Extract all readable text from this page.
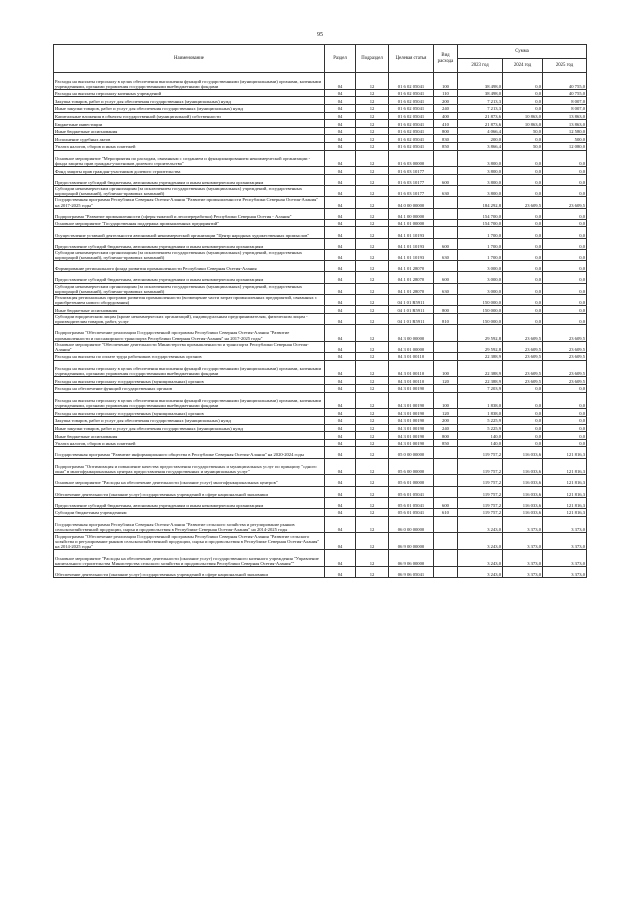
95
Наименование	Раздел	Подраздел	Целевая статья	Вид расхода	Сумма		
					2023 год	2024 год	2025 год
Расходы на выплаты персоналу в целях обеспечения выполнения функций государственными (муниципальными) органами, казенными учреждениями, органами управления государственными внебюджетными фондами	04	12	01 6 02 05041	100	38 498,0	0,0	40 755,0
Расходы на выплаты персоналу казенных учреждений	04	12	01 6 02 05041	110	38 498,0	0,0	40 755,0
Закупка товаров, работ и услуг для обеспечения государственных (муниципальных) нужд	04	12	01 6 02 05041	200	7 213,3	0,0	8 007,0
Иные закупки товаров, работ и услуг для обеспечения государственных (муниципальных) нужд	04	12	01 6 02 05041	240	7 213,3	0,0	8 007,0
Капитальные вложения в объекты государственной (муниципальной) собственности	04	12	01 6 02 05041	400	21 873,6	10 863,0	13 863,0
Бюджетные инвестиции	04	12	01 6 02 05041	410	21 873,6	10 863,0	13 863,0
Иные бюджетные ассигнования	04	12	01 6 02 05041	800	4 066,4	50,0	12 580,0
Исполнение судебных актов	04	12	01 6 02 05041	830	200,0	0,0	500,0
Уплата налогов, сборов и иных платежей	04	12	01 6 02 05041	850	3 866,4	50,0	12 080,0
Основное мероприятие "Мероприятия по расходам, связанным с созданием и функционированием некоммерческой организации - фонда защиты прав граждан-участников долевого строительства"	04	12	01 6 03 00000		3 800,0	0,0	0,0
Фонд защиты прав граждан-участников долевого строительства	04	12	01 6 03 10177		3 800,0	0,0	0,0
Предоставление субсидий бюджетным, автономным учреждениям и иным некоммерческим организациям	04	12	01 6 03 10177	600	3 800,0	0,0	0,0
Субсидии некоммерческим организациям (за исключением государственных (муниципальных) учреждений, государственных корпораций (компаний), публично-правовых компаний)	04	12	01 6 03 10177	630	3 800,0	0,0	0,0
Государственная программа Республики Северная Осетия-Алания "Развитие промышленности Республики Северная Осетия-Алания" на 2017-2025 годы"	04	12	04 0 00 00000		184 292,8	23 609,5	23 609,5
Подпрограмма "Развитие промышленности (сферы тяжелой и лесопереработки) Республики Северная Осетия - Алания"	04	12	04 1 00 00000		154 700,0	0,0	0,0
Основное мероприятие "Государственная поддержка промышленных предприятий"	04	12	04 1 01 00000		154 700,0	0,0	0,0
Осуществление уставной деятельности автономной некоммерческой организации "Центр народных художественных промыслов"	04	12	04 1 01 10193		1 700,0	0,0	0,0
Предоставление субсидий бюджетным, автономным учреждениям и иным некоммерческим организациям	04	12	04 1 01 10193	600	1 700,0	0,0	0,0
Субсидии некоммерческим организациям (за исключением государственных (муниципальных) учреждений, государственных корпораций (компаний), публично-правовых компаний)	04	12	04 1 01 10193	630	1 700,0	0,0	0,0
Формирование регионального фонда развития промышленности Республики Северная Осетия-Алания	04	12	04 1 01 28070		3 000,0	0,0	0,0
Предоставление субсидий бюджетным, автономным учреждениям и иным некоммерческим организациям	04	12	04 1 01 28070	600	3 000,0	0,0	0,0
Субсидии некоммерческим организациям (за исключением государственных (муниципальных) учреждений, государственных корпораций (компаний), публично-правовых компаний)	04	12	04 1 01 28070	630	3 000,0	0,0	0,0
Реализация региональных программ развития промышленности (возмещение части затрат промышленных предприятий, связанных с приобретением нового оборудования)	04	12	04 1 01 R5911		150 000,0	0,0	0,0
Иные бюджетные ассигнования	04	12	04 1 01 R5911	800	150 000,0	0,0	0,0
Субсидии юридическим лицам (кроме некоммерческих организаций), индивидуальным предпринимателям, физическим лицам - производителям товаров, работ, услуг	04	12	04 1 01 R5911	810	150 000,0	0,0	0,0
Подпрограмма "Обеспечение реализации Государственной программы Республики Северная Осетия-Алания "Развитие промышленности и пассажирского транспорта Республики Северная Осетия-Алания" на 2017-2025 годы"	04	12	04 3 00 00000		29 592,8	23 609,5	23 609,5
Основное мероприятие "Обеспечение деятельности Министерства промышленности и транспорта Республики Северная Осетия-Алания"	04	12	04 3 01 00000		29 592,8	23 609,5	23 609,5
Расходы на выплаты по оплате труда работников государственных органов	04	12	04 3 01 00110		22 388,9	23 609,5	23 609,5
Расходы на выплаты персоналу в целях обеспечения выполнения функций государственными (муниципальными) органами, казенными учреждениями, органами управления государственными внебюджетными фондами	04	12	04 3 01 00110	100	22 388,9	23 609,5	23 609,5
Расходы на выплаты персоналу государственных (муниципальных) органов	04	12	04 3 01 00110	120	22 388,9	23 609,5	23 609,5
Расходы на обеспечение функций государственных органов	04	12	04 3 01 00190		7 203,9	0,0	0,0
Расходы на выплаты персоналу в целях обеспечения выполнения функций государственными (муниципальными) органами, казенными учреждениями, органами управления государственными внебюджетными фондами	04	12	04 3 01 00190	100	1 838,0	0,0	0,0
Расходы на выплаты персоналу государственных (муниципальных) органов	04	12	04 3 01 00190	120	1 838,0	0,0	0,0
Закупка товаров, работ и услуг для обеспечения государственных (муниципальных) нужд	04	12	04 3 01 00190	200	5 225,9	0,0	0,0
Иные закупки товаров, работ и услуг для обеспечения государственных (муниципальных) нужд	04	12	04 3 01 00190	240	5 225,9	0,0	0,0
Иные бюджетные ассигнования	04	12	04 3 01 00190	800	140,0	0,0	0,0
Уплата налогов, сборов и иных платежей	04	12	04 3 01 00190	850	140,0	0,0	0,0
Государственная программа "Развитие информационного общества в Республике Северная Осетия-Алания" на 2020-2024 годы	04	12	05 0 00 00000		119 757,2	116 033,6	121 816,3
Подпрограмма "Оптимизация и повышение качества предоставления государственных и муниципальных услуг по принципу "одного окна" в многофункциональных центрах предоставления государственных и муниципальных услуг"	04	12	05 6 00 00000		119 757,2	116 033,6	121 816,3
Основное мероприятие "Расходы на обеспечение деятельности (оказание услуг) многофункциональных центров"	04	12	05 6 01 00000		119 757,2	116 033,6	121 816,3
Обеспечение деятельности (оказание услуг) государственных учреждений в сфере национальной экономики	04	12	05 6 01 05041		119 757,2	116 033,6	121 816,3
Предоставление субсидий бюджетным, автономным учреждениям и иным некоммерческим организациям	04	12	05 6 01 05041	600	119 757,2	116 033,6	121 816,3
Субсидии бюджетным учреждениям	04	12	05 6 01 05041	610	119 757,2	116 033,6	121 816,3
Государственная программа Республики Северная Осетия-Алания "Развитие сельского хозяйства и регулирование рынков сельскохозяйственной продукции, сырья и продовольствия в Республике Северная Осетия-Алания" на 2014-2025 годы	04	12	06 0 00 00000		3 243,0	3 373,0	3 373,0
Подпрограмма "Обеспечение реализации Государственной программы Республики Северная Осетия-Алания "Развитие сельского хозяйства и регулирование рынков сельскохозяйственной продукции, сырья и продовольствия в Республике Северная Осетия-Алания" на 2014-2025 годы"	04	12	06 9 00 00000		3 243,0	3 373,0	3 373,0
Основное мероприятие "Расходы на обеспечение деятельности (оказание услуг) государственного казенного учреждения "Управление капитального строительства Министерства сельского хозяйства и продовольствия Республики Северная Осетия-Алания""	04	12	06 9 06 00000		3 243,0	3 373,0	3 373,0
Обеспечение деятельности (оказание услуг) государственных учреждений в сфере национальной экономики	04	12	06 9 06 05041		3 243,0	3 373,0	3 373,0
